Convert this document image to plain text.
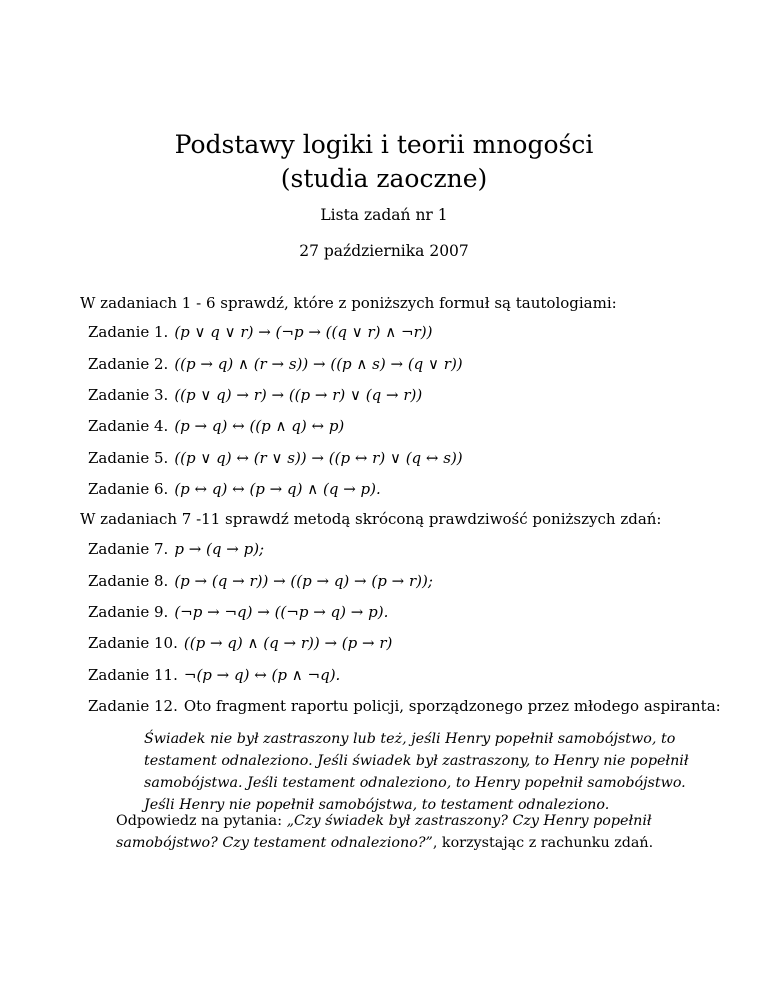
Podstawy logiki i teorii mnogości
(studia zaoczne)
Lista zadań nr 1
27 października 2007
W zadaniach 1 - 6 sprawdź, które z poniższych formuł są tautologiami:
Zadanie 1. (p ∨ q ∨ r) → (¬p → ((q ∨ r) ∧ ¬r))
Zadanie 2. ((p → q) ∧ (r → s)) → ((p ∧ s) → (q ∨ r))
Zadanie 3. ((p ∨ q) → r) → ((p → r) ∨ (q → r))
Zadanie 4. (p → q) ↔ ((p ∧ q) ↔ p)
Zadanie 5. ((p ∨ q) ↔ (r ∨ s)) → ((p ↔ r) ∨ (q ↔ s))
Zadanie 6. (p ↔ q) ↔ (p → q) ∧ (q → p).
W zadaniach 7 -11 sprawdź metodą skróconą prawdziwość poniższych zdań:
Zadanie 7. p → (q → p);
Zadanie 8. (p → (q → r)) → ((p → q) → (p → r));
Zadanie 9. (¬p → ¬q) → ((¬p → q) → p).
Zadanie 10. ((p → q) ∧ (q → r)) → (p → r)
Zadanie 11. ¬(p → q) ↔ (p ∧ ¬q).
Zadanie 12. Oto fragment raportu policji, sporządzonego przez młodego aspiranta:
Świadek nie był zastraszony lub też, jeśli Henry popełnił samobójstwo, to testament odnaleziono. Jeśli świadek był zastraszony, to Henry nie popełnił samobójstwa. Jeśli testament odnaleziono, to Henry popełnił samobójstwo. Jeśli Henry nie popełnił samobójstwa, to testament odnaleziono.
Odpowiedz na pytania: „Czy świadek był zastraszony? Czy Henry popełnił samobójstwo? Czy testament odnaleziono?”, korzystając z rachunku zdań.
